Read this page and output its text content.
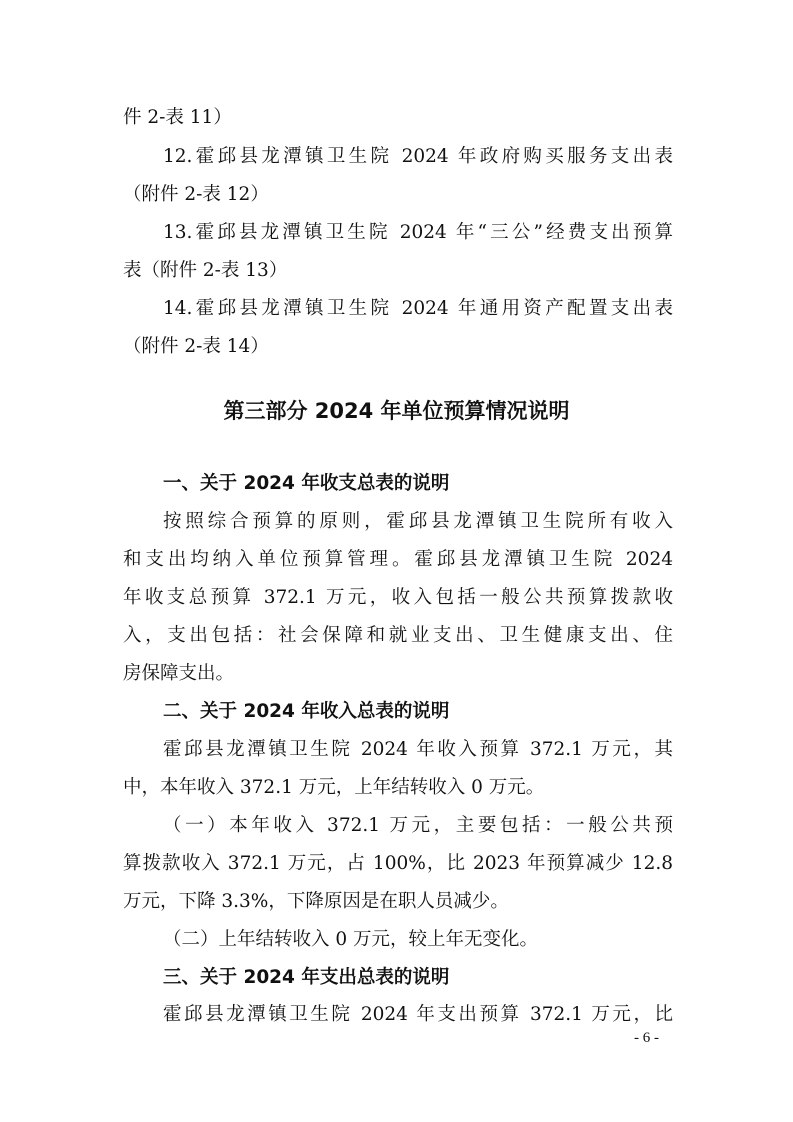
件 2-表 11）
12.霍邱县龙潭镇卫生院 2024 年政府购买服务支出表
（附件 2-表 12）
13.霍邱县龙潭镇卫生院 2024 年“三公”经费支出预算
表（附件 2-表 13）
14.霍邱县龙潭镇卫生院 2024 年通用资产配置支出表
（附件 2-表 14）
第三部分 2024 年单位预算情况说明
一、关于 2024 年收支总表的说明
按照综合预算的原则，霍邱县龙潭镇卫生院所有收入
和支出均纳入单位预算管理。霍邱县龙潭镇卫生院 2024
年收支总预算 372.1 万元，收入包括一般公共预算拨款收
入，支出包括：社会保障和就业支出、卫生健康支出、住
房保障支出。
二、关于 2024 年收入总表的说明
霍邱县龙潭镇卫生院 2024 年收入预算 372.1 万元，其
中，本年收入 372.1 万元，上年结转收入 0 万元。
（一）本年收入 372.1 万元，主要包括：一般公共预
算拨款收入 372.1 万元，占 100%，比 2023 年预算减少 12.8
万元，下降 3.3%，下降原因是在职人员减少。
（二）上年结转收入 0 万元，较上年无变化。
三、关于 2024 年支出总表的说明
霍邱县龙潭镇卫生院 2024 年支出预算 372.1 万元，比
- 6 -
